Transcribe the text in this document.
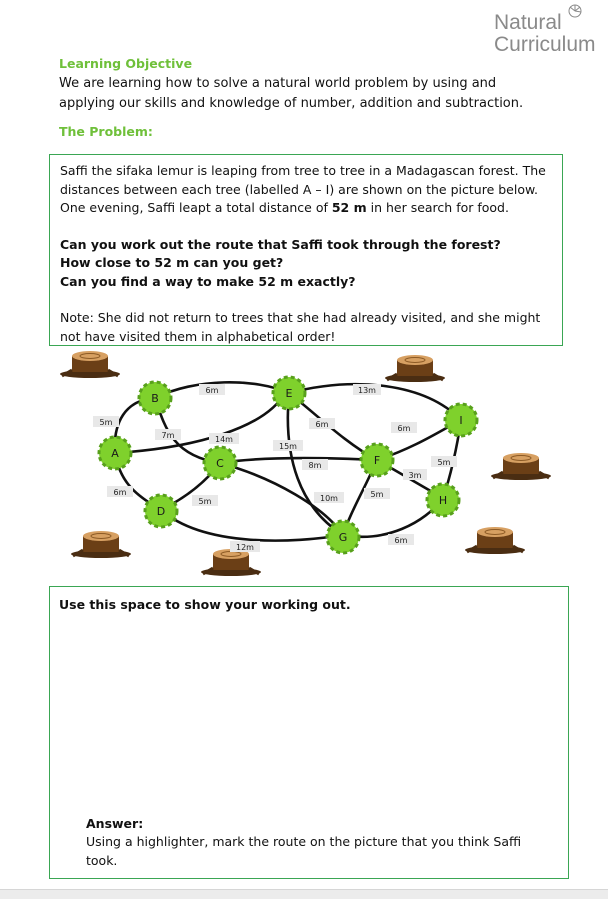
Natural
Curriculum
Learning Objective
We are learning how to solve a natural world problem by using and applying our skills and knowledge of number, addition and subtraction.
The Problem:

Saffi the sifaka lemur is leaping from tree to tree in a Madagascan forest. The distances between each tree (labelled A – I) are shown on the picture below. One evening, Saffi leapt a total distance of 52 m in her search for food.

Can you work out the route that Saffi took through the forest?
How close to 52 m can you get?
Can you find a way to make 52 m exactly?

Note: She did not return to trees that she had already visited, and she might not have visited them in alphabetical order!

5m
6m	13m
7m	14m
6m	6m
15m
8m	5m
3m
6m
5m	10m	5m
6m
12m
B	E
I
A
C	F
H
D
G
Use this space to show your working out.
Answer:
Using a highlighter, mark the route on the picture that you think Saffi took.
